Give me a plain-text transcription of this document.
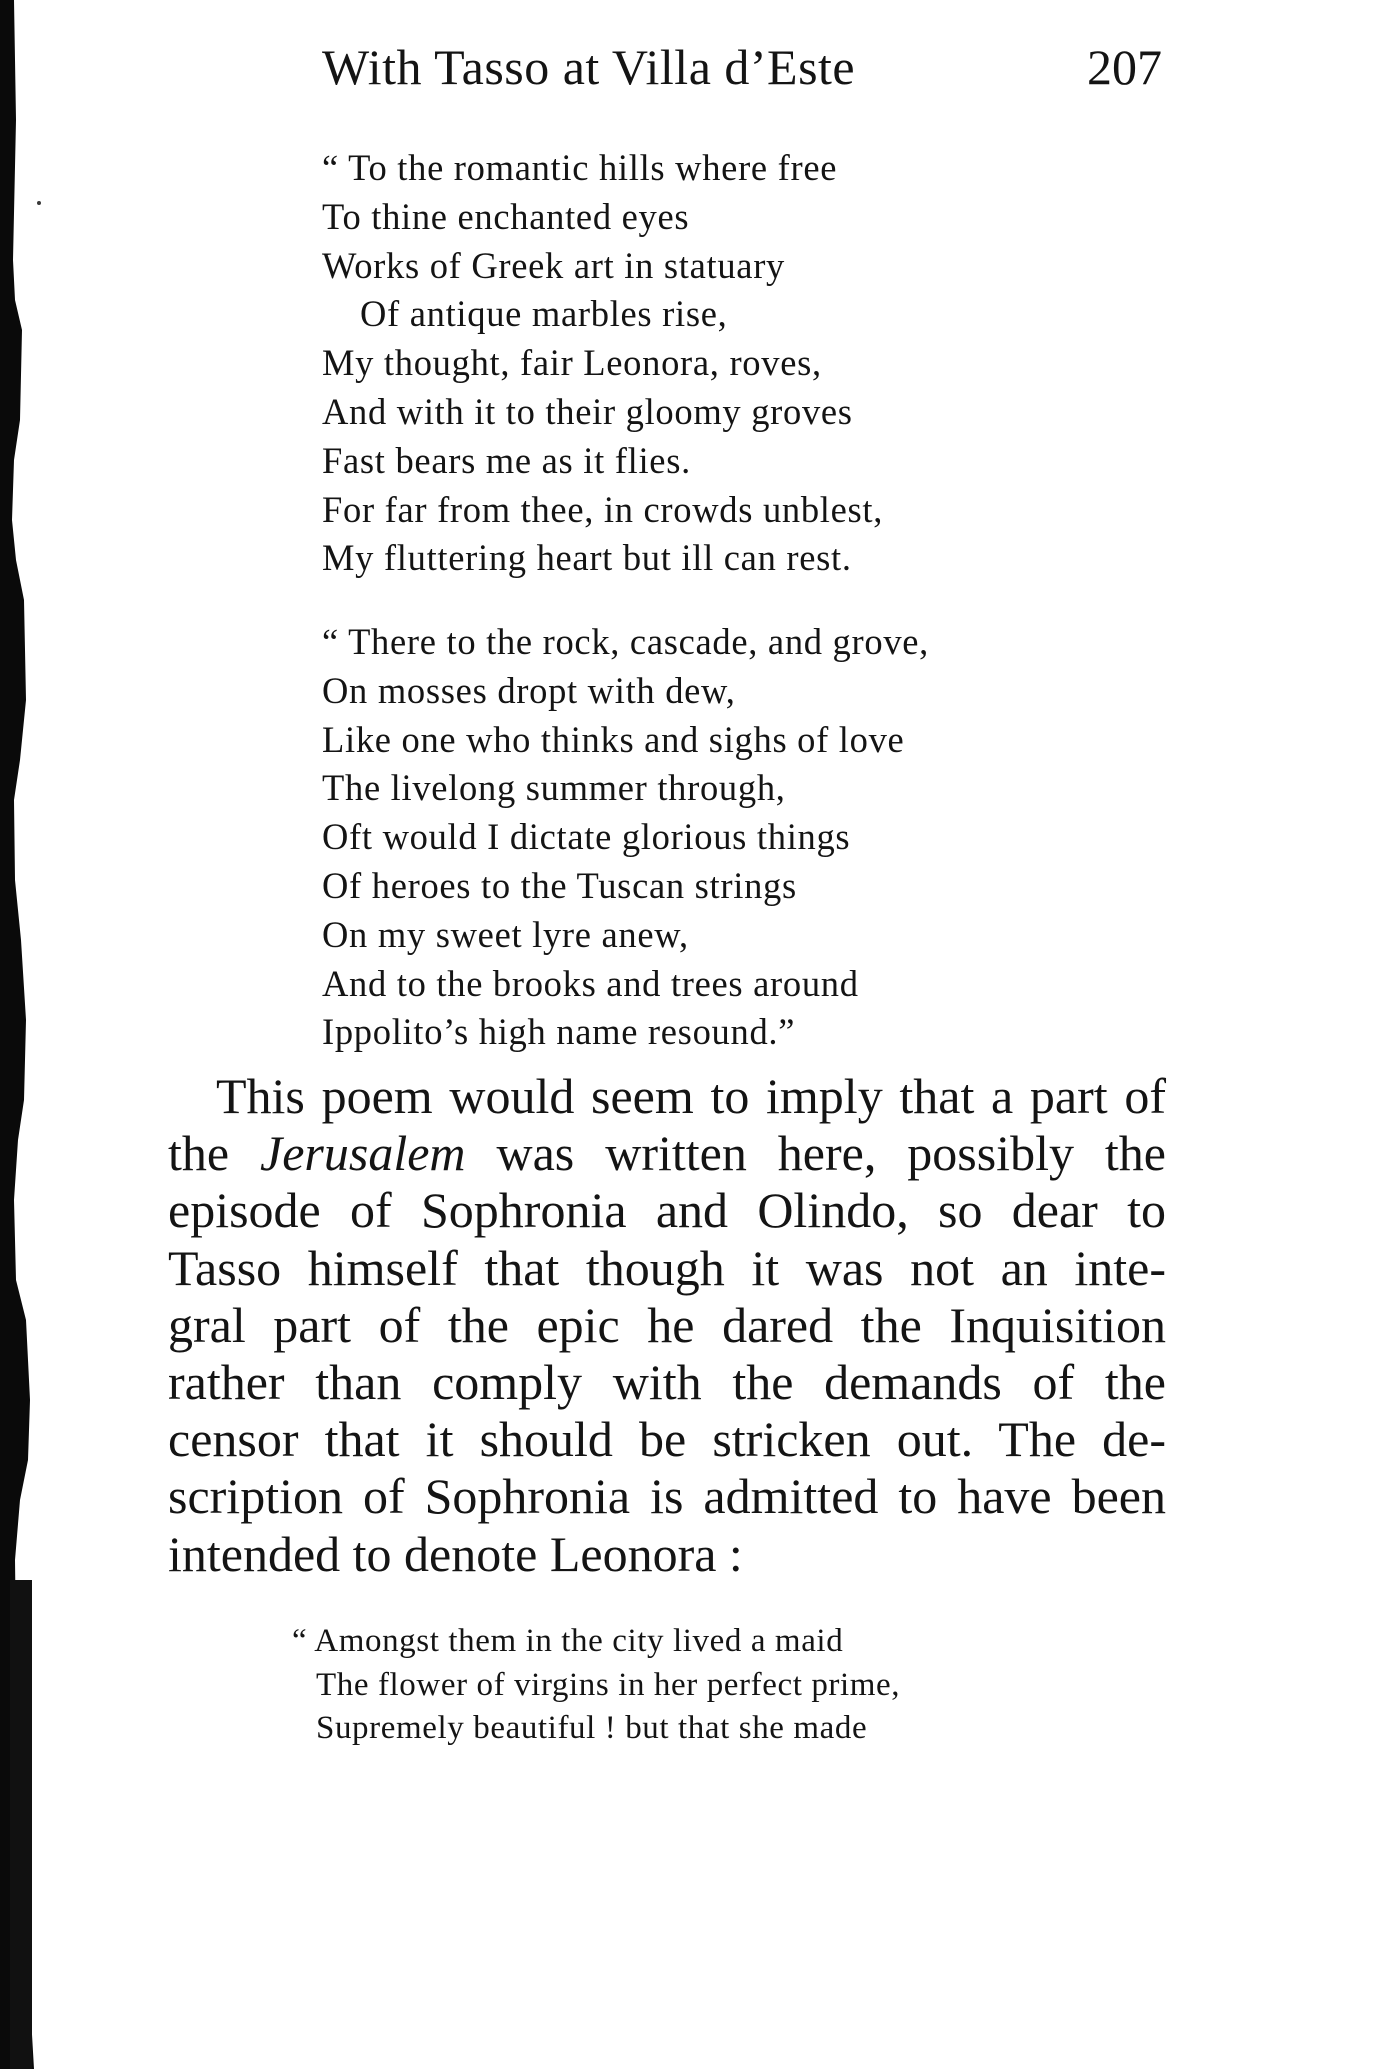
With Tasso at Villa d’Este	207
“ To the romantic hills where free
To thine enchanted eyes
Works of Greek art in statuary
Of antique marbles rise,
My thought, fair Leonora, roves,
And with it to their gloomy groves
Fast bears me as it flies.
For far from thee, in crowds unblest,
My fluttering heart but ill can rest.
“ There to the rock, cascade, and grove,
On mosses dropt with dew,
Like one who thinks and sighs of love
The livelong summer through,
Oft would I dictate glorious things
Of heroes to the Tuscan strings
On my sweet lyre anew,
And to the brooks and trees around
Ippolito’s high name resound.”
This poem would seem to imply that a part of
the Jerusalem was written here, possibly the
episode of Sophronia and Olindo, so dear to
Tasso himself that though it was not an inte-
gral part of the epic he dared the Inquisition
rather than comply with the demands of the
censor that it should be stricken out. The de-
scription of Sophronia is admitted to have been
intended to denote Leonora :
“ Amongst them in the city lived a maid
The flower of virgins in her perfect prime,
Supremely beautiful ! but that she made
